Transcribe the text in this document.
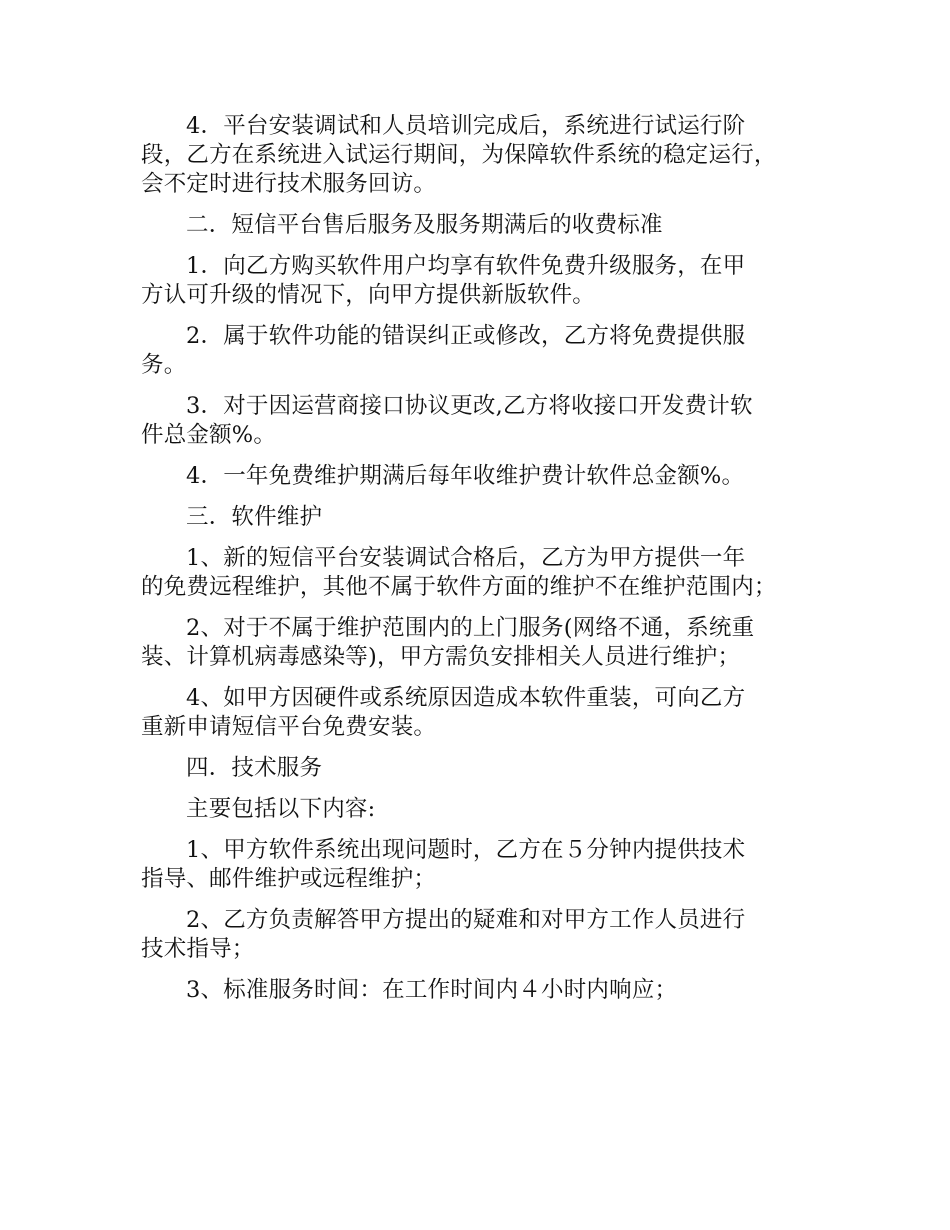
4．平台安装调试和人员培训完成后，系统进行试运行阶
段，乙方在系统进入试运行期间，为保障软件系统的稳定运行，
会不定时进行技术服务回访。

二．短信平台售后服务及服务期满后的收费标准

1．向乙方购买软件用户均享有软件免费升级服务，在甲
方认可升级的情况下，向甲方提供新版软件。

2．属于软件功能的错误纠正或修改，乙方将免费提供服
务。

3．对于因运营商接口协议更改,乙方将收接口开发费计软
件总金额%。

4．一年免费维护期满后每年收维护费计软件总金额%。

三．软件维护

1、新的短信平台安装调试合格后，乙方为甲方提供一年
的免费远程维护，其他不属于软件方面的维护不在维护范围内；

2、对于不属于维护范围内的上门服务(网络不通，系统重
装、计算机病毒感染等)，甲方需负安排相关人员进行维护；

4、如甲方因硬件或系统原因造成本软件重装，可向乙方
重新申请短信平台免费安装。

四．技术服务

主要包括以下内容:

1、甲方软件系统出现问题时，乙方在５分钟内提供技术
指导、邮件维护或远程维护；

2、乙方负责解答甲方提出的疑难和对甲方工作人员进行
技术指导；

3、标准服务时间：在工作时间内４小时内响应；
